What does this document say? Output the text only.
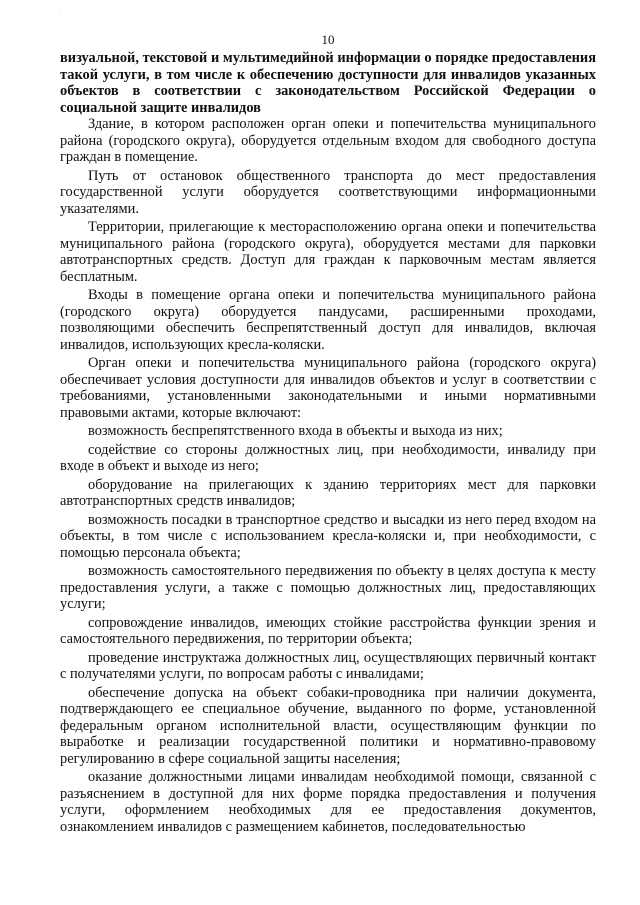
·
10

визуальной, текстовой и мультимедийной информации о порядке предоставления такой услуги, в том числе к обеспечению доступности для инвалидов указанных объектов в соответствии с законодательством Российской Федерации о социальной защите инвалидов

Здание, в котором расположен орган опеки и попечительства муниципального района (городского округа), оборудуется отдельным входом для свободного доступа граждан в помещение.

Путь от остановок общественного транспорта до мест предоставления государственной услуги оборудуется соответствующими информационными указателями.

Территории, прилегающие к месторасположению органа опеки и попечительства муниципального района (городского округа), оборудуется местами для парковки автотранспортных средств. Доступ для граждан к парковочным местам является бесплатным.

Входы в помещение органа опеки и попечительства муниципального района (городского округа) оборудуется пандусами, расширенными проходами, позволяющими обеспечить беспрепятственный доступ для инвалидов, включая инвалидов, использующих кресла-коляски.

Орган опеки и попечительства муниципального района (городского округа) обеспечивает условия доступности для инвалидов объектов и услуг в соответствии с требованиями, установленными законодательными и иными нормативными правовыми актами, которые включают:

возможность беспрепятственного входа в объекты и выхода из них;

содействие со стороны должностных лиц, при необходимости, инвалиду при входе в объект и выходе из него;

оборудование на прилегающих к зданию территориях мест для парковки автотранспортных средств инвалидов;

возможность посадки в транспортное средство и высадки из него перед входом на объекты, в том числе с использованием кресла-коляски и, при необходимости, с помощью персонала объекта;

возможность самостоятельного передвижения по объекту в целях доступа к месту предоставления услуги, а также с помощью должностных лиц, предоставляющих услуги;

сопровождение инвалидов, имеющих стойкие расстройства функции зрения и самостоятельного передвижения, по территории объекта;

проведение инструктажа должностных лиц, осуществляющих первичный контакт с получателями услуги, по вопросам работы с инвалидами;

обеспечение допуска на объект собаки-проводника при наличии документа, подтверждающего ее специальное обучение, выданного по форме, установленной федеральным органом исполнительной власти, осуществляющим функции по выработке и реализации государственной политики и нормативно-правовому регулированию в сфере социальной защиты населения;

оказание должностными лицами инвалидам необходимой помощи, связанной с разъяснением в доступной для них форме порядка предоставления и получения услуги, оформлением необходимых для ее предоставления документов, ознакомлением инвалидов с размещением кабинетов, последовательностью
